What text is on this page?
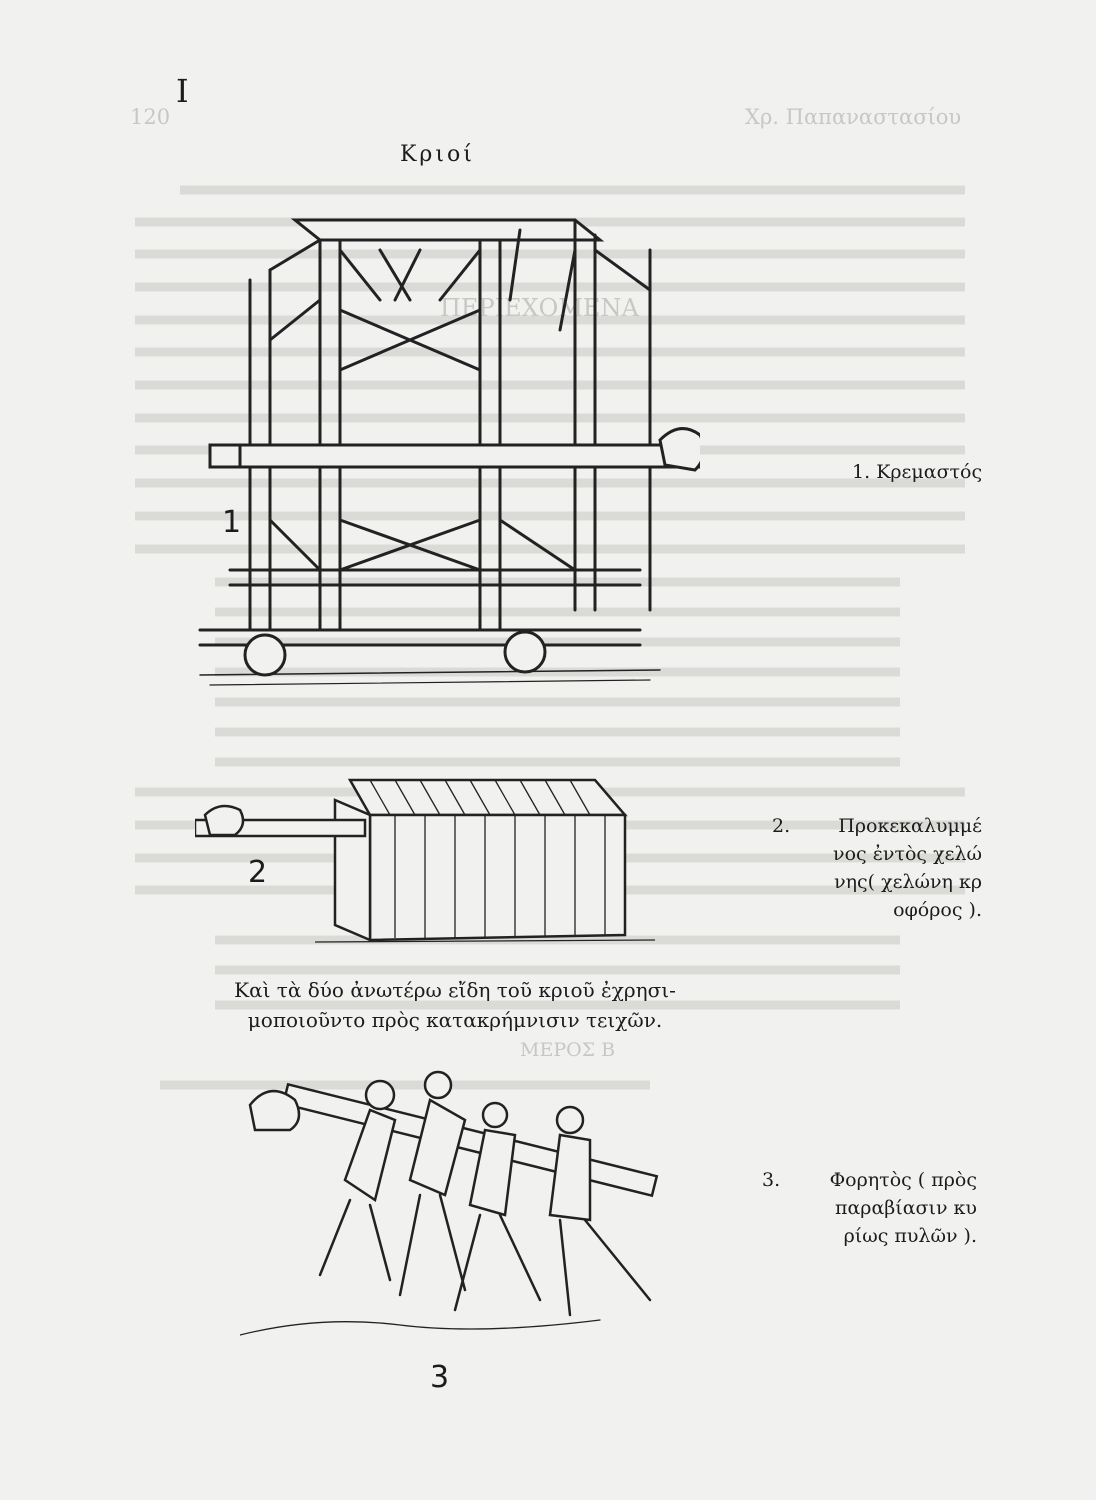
120	Χρ. Παπαναστασίου
ΠΕΡΙΕΧΟΜΕΝΑ
ΜΕΡΟΣ Β
I
Κριοί
1
1. Κρεμαστός
2
2.	Προκεκαλυμμέ
νος ἐντὸς χελώ
νης( χελώνη κρ
οφόρος ).
Καὶ τὰ δύο ἀνωτέρω εἴδη τοῦ κριοῦ ἐχρησι-
μοποιοῦντο πρὸς κατακρήμνισιν τειχῶν.
3
3.	Φορητὸς ( πρὸς
παραβίασιν κυ
ρίως πυλῶν ).
